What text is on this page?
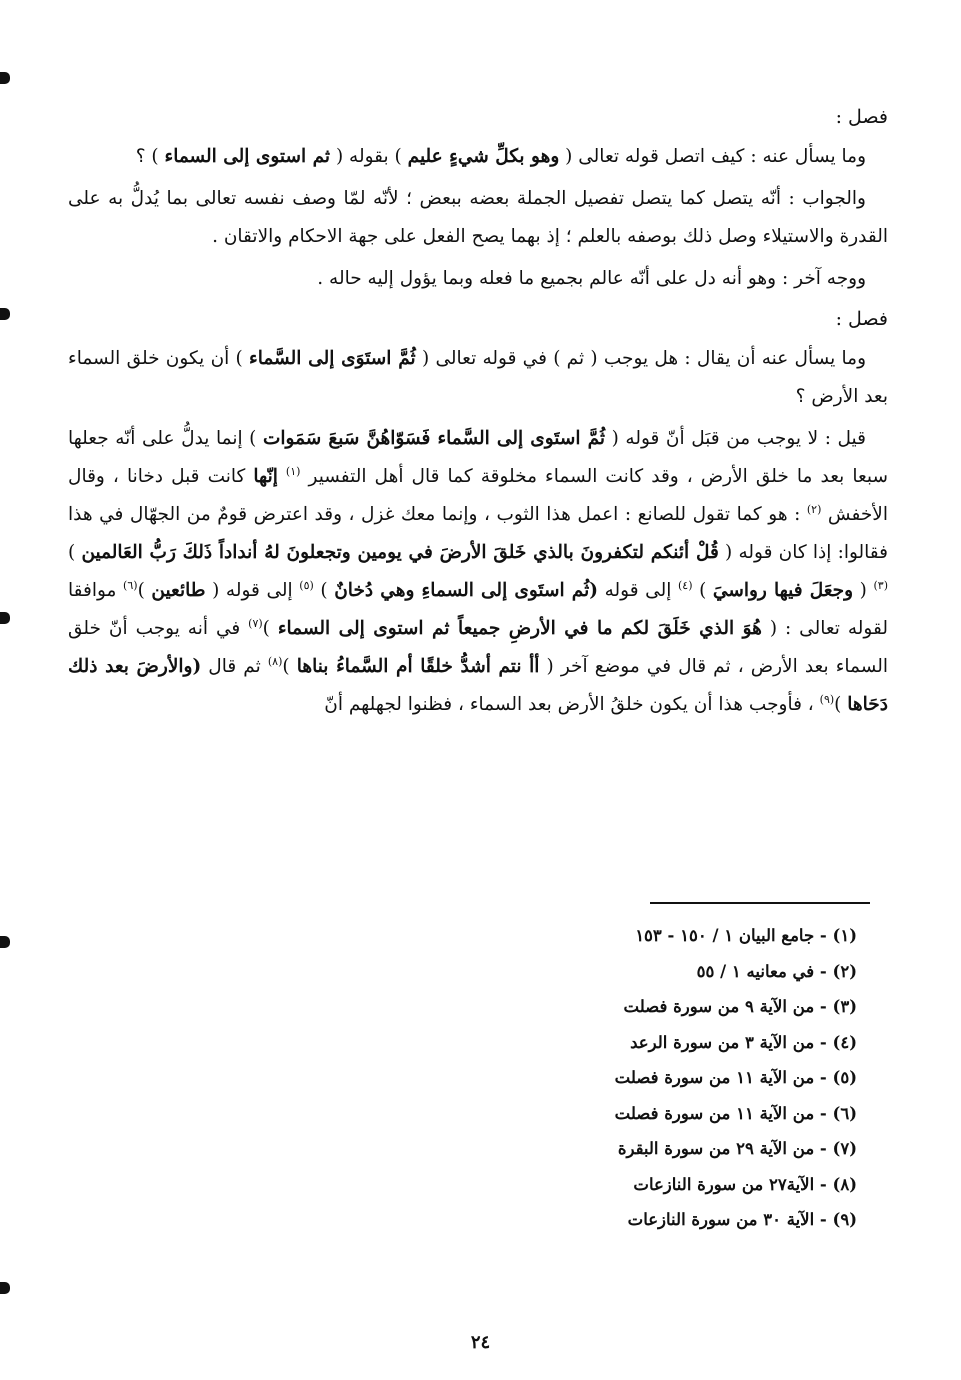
فصل :

وما يسأل عنه : كيف اتصل قوله تعالى ( وهو بكلِّ شيءٍ عليم ) بقوله ( ثم استوى إلى السماء ) ؟

والجواب : أنّه يتصل كما يتصل تفصيل الجملة بعضه ببعض ؛ لأنّه لمّا وصف نفسه تعالى بما يُدلُّ به على القدرة والاستيلاء وصل ذلك بوصفه بالعلم ؛ إذ بهما يصح الفعل على جهة الاحكام والاتقان .

ووجه آخر : وهو أنه دل على أنّه عالم بجميع ما فعله وبما يؤول إليه حاله .

فصل :

وما يسأل عنه أن يقال : هل يوجب ( ثم ) في قوله تعالى ( ثُمَّ استَوَى إلى السَّماء ) أن يكون خلق السماء بعد الأرض ؟

قيل : لا يوجب من قبَل أنّ قوله ( ثُمَّ استَوى إلى السَّماء فَسَوّاهُنَّ سَبعَ سَمَوات ) إنما يدلُّ على أنّه جعلها سبعا بعد ما خلق الأرض ، وقد كانت السماء مخلوقة كما قال أهل التفسير $^{(١)}$ إنّها كانت قبل دخانا ، وقال الأخفش $^{(٢)}$ : هو كما تقول للصانع : اعمل هذا الثوب ، وإنما معك غزل ، وقد اعترض قومٌ من الجهّال في هذا فقالوا: إذا كان قوله ( قُلْ أئنكم لتكفرونَ بالذي خَلقَ الأرضَ في يومين وتجعلونَ لهُ أنداداً ذَلكَ رَبُّ العَالمين )$^{(٣)}$ ( وجعَلَ فيها رواسيَ ) $^{(٤)}$ إلى قوله (ثُم استَوى إلى السماءِ وهي دُخانٌ ) $^{(٥)}$ إلى قوله ( طائعين )$^{(٦)}$ موافقا لقوله تعالى : ( هُوَ الذي خَلَقَ لكم ما في الأرضِ جميعاً ثم استوى إلى السماء )$^{(٧)}$ في أنه يوجب أنّ خلق السماء بعد الأرض ، ثم قال في موضع آخر ( أأ نتم أشدُّ خلقًا أم السَّماءُ بناها )$^{(٨)}$ ثم قال (والأرضَ بعد ذلك دَحَاها )$^{(٩)}$ ، فأوجب هذا أن يكون خلقُ الأرض بعد السماء ، فظنوا لجهلهم أنّ

(١) - جامع البيان ١ / ١٥٠ - ١٥٣
(٢) - في معانيه ١ / ٥٥
(٣) - من الآية ٩ من سورة فصلت
(٤) - من الآية ٣ من سورة الرعد
(٥) - من الآية ١١ من سورة فصلت
(٦) - من الآية ١١ من سورة فصلت
(٧) - من الآية ٢٩ من سورة البقرة
(٨) - الآية٢٧ من سورة النازعات
(٩) - الآية ٣٠ من سورة النازعات
٢٤
